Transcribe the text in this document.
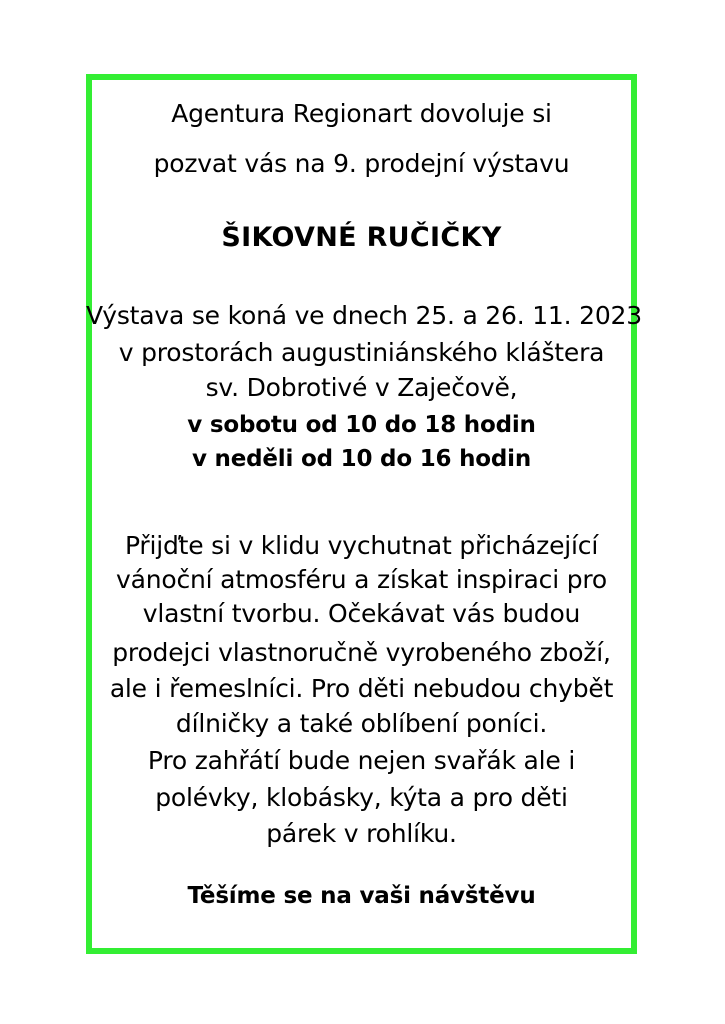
Agentura Regionart dovoluje si
pozvat vás na 9. prodejní výstavu
ŠIKOVNÉ RUČIČKY
Výstava se koná ve dnech 25. a 26. 11. 2023
v prostorách augustiniánského kláštera
sv. Dobrotivé v Zaječově,
v sobotu od 10 do 18 hodin
v neděli od 10 do 16 hodin
Přijďte si v klidu vychutnat přicházející
vánoční atmosféru a získat inspiraci pro
vlastní tvorbu. Očekávat vás budou
prodejci vlastnoručně vyrobeného zboží,
ale i řemeslníci. Pro děti nebudou chybět
dílničky a také oblíbení poníci.
Pro zahřátí bude nejen svařák ale i
polévky, klobásky, kýta a pro děti
párek v rohlíku.
Těšíme se na vaši návštěvu
